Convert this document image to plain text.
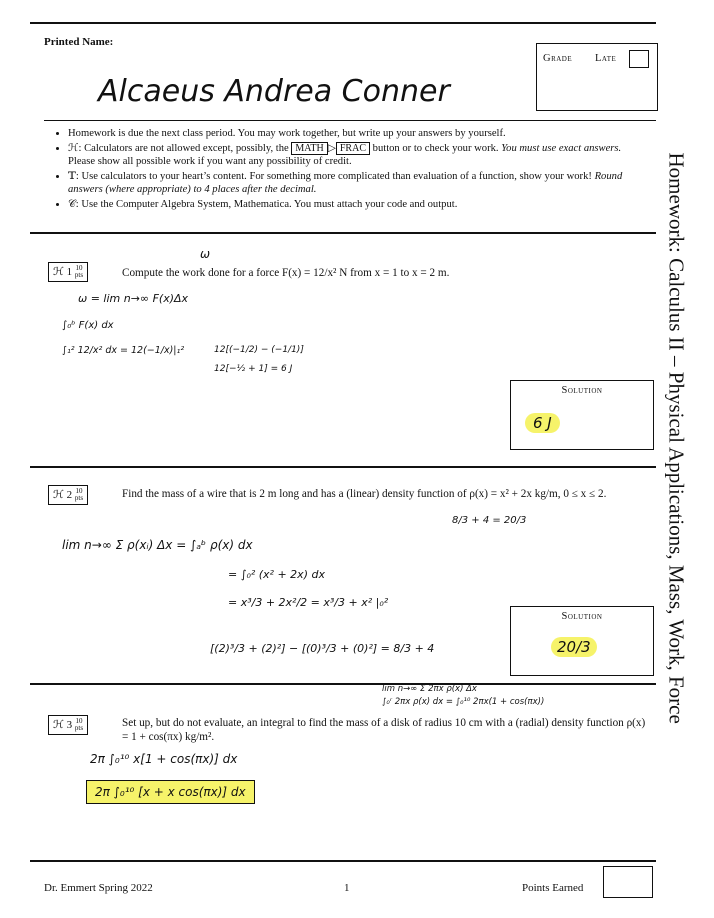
Printed Name:
Alcaeus Andrea Conner
Grade Late
• Homework is due the next class period. You may work together, but write up your answers by yourself.
• ℋ: Calculators are not allowed except, possibly, the MATH ▷ FRAC button or to check your work. You must use exact answers. Please show all possible work if you want any possibility of credit.
• 𝕋: Use calculators to your heart’s content. For something more complicated than evaluation of a function, show your work! Round answers (where appropriate) to 4 places after the decimal.
• 𝒞: Use the Computer Algebra System, Mathematica. You must attach your code and output.	Homework: Calculus II – Physical Applications, Mass, Work, Force
ℋ 1 10
pts	Compute the work done for a force F(x) = 12/x² N from x = 1 to x = 2 m.
ω
ω = lim n→∞ F(x)Δx
∫₀ᵇ F(x) dx
∫₁² 12/x² dx = 12(−1/x)|₁²	12[(−1/2) − (−1/1)]
12[−½ + 1] = 6 J
Solution
6 J
ℋ 2 10
pts	Find the mass of a wire that is 2 m long and has a (linear) density function of ρ(x) = x² + 2x kg/m, 0 ≤ x ≤ 2.
8/3 + 4 = 20/3
lim n→∞ Σ ρ(xᵢ) Δx = ∫ₐᵇ ρ(x) dx
= ∫₀² (x² + 2x) dx
= x³/3 + 2x²/2 = x³/3 + x² |₀²
[(2)³/3 + (2)²] − [(0)³/3 + (0)²] = 8/3 + 4
Solution
20/3
lim n→∞ Σ 2πx ρ(x) Δx
∫₀ʳ 2πx ρ(x) dx = ∫₀¹⁰ 2πx(1 + cos(πx))
ℋ 3 10
pts	Set up, but do not evaluate, an integral to find the mass of a disk of radius 10 cm with a (radial) density function ρ(x) = 1 + cos(πx) kg/m².
2π ∫₀¹⁰ x[1 + cos(πx)] dx
2π ∫₀¹⁰ [x + x cos(πx)] dx
Dr. Emmert Spring 2022	1	Points Earned
